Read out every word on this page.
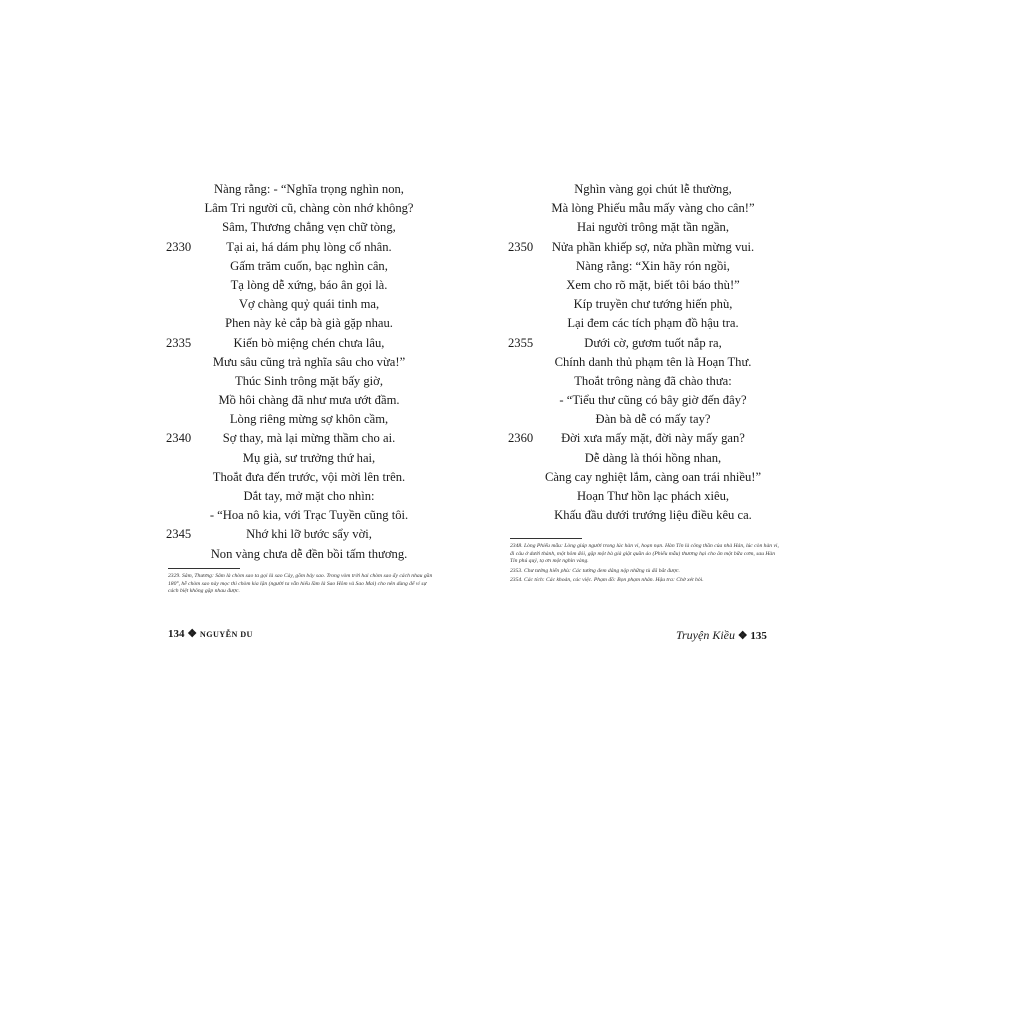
Nàng rằng: - “Nghĩa trọng nghìn non,
Lâm Tri người cũ, chàng còn nhớ không?
Sâm, Thương chẳng vẹn chữ tòng,
2330	Tại ai, há dám phụ lòng cố nhân.
Gấm trăm cuốn, bạc nghìn cân,
Tạ lòng dễ xứng, báo ân gọi là.
Vợ chàng quỷ quái tinh ma,
Phen này kẻ cắp bà già gặp nhau.
2335	Kiến bò miệng chén chưa lâu,
Mưu sâu cũng trả nghĩa sâu cho vừa!”
Thúc Sinh trông mặt bấy giờ,
Mồ hôi chàng đã như mưa ướt đầm.
Lòng riêng mừng sợ khôn cầm,
2340	Sợ thay, mà lại mừng thầm cho ai.
Mụ già, sư trưởng thứ hai,
Thoắt đưa đến trước, vội mời lên trên.
Dắt tay, mở mặt cho nhìn:
- “Hoa nô kia, với Trạc Tuyền cũng tôi.
2345	Nhớ khi lỡ bước sẩy vời,
Non vàng chưa dễ đền bồi tấm thương.
2329. Sâm, Thương: Sâm là chòm sao ta gọi là sao Cày, gồm bảy sao. Trong vòm trời hai chòm sao ấy cách nhau gần 180°, hễ chòm sao này mọc thì chòm kia lặn (người ta vẫn hiểu lầm là Sao Hôm và Sao Mai) cho nên dùng để ví sự cách biệt không gặp nhau được.
134 ❖ NGUYỄN DU
Nghìn vàng gọi chút lễ thường,
Mà lòng Phiếu mẫu mấy vàng cho cân!”
Hai người trông mặt tần ngần,
2350	Nửa phần khiếp sợ, nửa phần mừng vui.
Nàng rằng: “Xin hãy rón ngồi,
Xem cho rõ mặt, biết tôi báo thù!”
Kíp truyền chư tướng hiến phù,
Lại đem các tích phạm đồ hậu tra.
2355	Dưới cờ, gươm tuốt nắp ra,
Chính danh thủ phạm tên là Hoạn Thư.
Thoắt trông nàng đã chào thưa:
- “Tiểu thư cũng có bây giờ đến đây?
Đàn bà dễ có mấy tay?
2360	Đời xưa mấy mặt, đời này mấy gan?
Dễ dàng là thói hồng nhan,
Càng cay nghiệt lắm, càng oan trái nhiều!”
Hoạn Thư hồn lạc phách xiêu,
Khấu đầu dưới trướng liệu điều kêu ca.
2348. Lòng Phiếu mẫu: Lòng giúp người trong lúc hàn vi, hoạn nạn. Hàn Tín là công thần của nhà Hán, lúc còn hàn vi, đi câu ở dưới thành, một hôm đói, gặp một bà già giặt quần áo (Phiếu mẫu) thương hại cho ăn một bữa cơm, sau Hàn Tín phú quý, tạ ơn một nghìn vàng.
2353. Chư tướng hiến phù: Các tướng đem dâng nộp những tù đã bắt được.
2354. Các tích: Các khoản, các việc. Phạm đồ: Bọn phạm nhân. Hậu tra: Chờ xét hỏi.
Truyện Kiều ❖ 135
